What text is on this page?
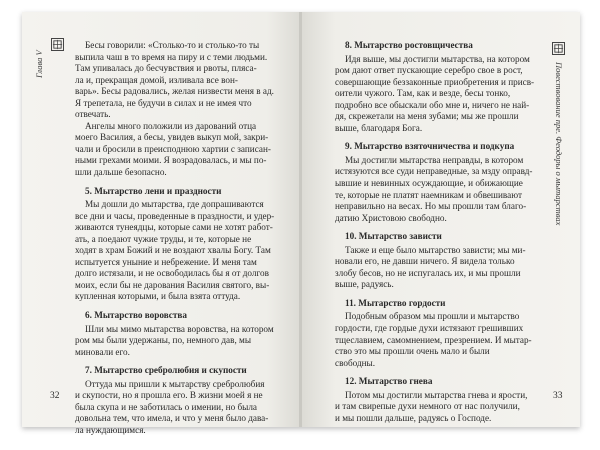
Глава V
Бесы говорили: «Столько-то и столько-то ты
выпила чаш в то время на пиру и с теми людьми.
Там упивалась до бесчувствия и рвоты, пляса-
ла и, прекращая домой, изливала все вон-
варь». Бесы радовались, желая низвести меня в ад.
Я трепетала, не будучи в силах и не имея что
отвечать.
Ангелы много положили из дарований отца
моего Василия, а бесы, увидев выкуп мой, закри-
чали и бросили в преисподнюю хартии с записан-
ными грехами моими. Я возрадовалась, и мы по-
шли дальше безопасно.
5. Мытарство лени и праздности
Мы дошли до мытарства, где допрашиваются
все дни и часы, проведенные в праздности, и удер-
живаются тунеядцы, которые сами не хотят работ-
ать, а поедают чужие труды, и те, которые не
ходят в храм Божий и не воздают хвалы Богу. Там
испытуется уныние и небрежение. И меня там
долго истязали, и не освободилась бы я от долгов
моих, если бы не дарования Василия святого, вы-
купленная которыми, и была взята оттуда.
6. Мытарство воровства
Шли мы мимо мытарства воровства, на котором
ром мы были удержаны, по, немного дав, мы
миновали его.
7. Мытарство сребролюбия и скупости
Оттуда мы пришли к мытарству сребролюбия
и скупости, но я прошла его. В жизни моей я не
была скупа и не заботилась о имении, но была
довольна тем, что имела, и что у меня было дава-
ла нуждающимся.
32
Повествование пре. Феодоры о мытарствах
8. Мытарство ростовщичества
Идя выше, мы достигли мытарства, на котором
ром дают ответ пускающие серебро свое в рост,
совершающие беззаконные приобретения и присв-
оители чужого. Там, как и везде, бесы тонко,
подробно все обыскали обо мне и, ничего не най-
дя, скрежетали на меня зубами; мы же прошли
выше, благодаря Бога.
9. Мытарство взяточничества и подкупа
Мы достигли мытарства неправды, в котором
истязуются все суди неправедные, за мзду оправд-
ывшие и невинных осуждающие, и обижающие
те, которые не платят наемникам и обвешивают
неправильно на весах. Но мы прошли там благо-
датию Христовою свободно.
10. Мытарство зависти
Также и еще было мытарство зависти; мы ми-
новали его, не давши ничего. Я видела только
злобу бесов, но не испугалась их, и мы прошли
выше, радуясь.
11. Мытарство гордости
Подобным образом мы прошли и мытарство
гордости, где гордые духи истязают грешивших
тщеславием, самомнением, презрением. И мытар-
ство это мы прошли очень мало и были
свободны.
12. Мытарство гнева
Потом мы достигли мытарства гнева и ярости,
и там свирепые духи немного от нас получили,
и мы пошли дальше, радуясь о Господе.
33
